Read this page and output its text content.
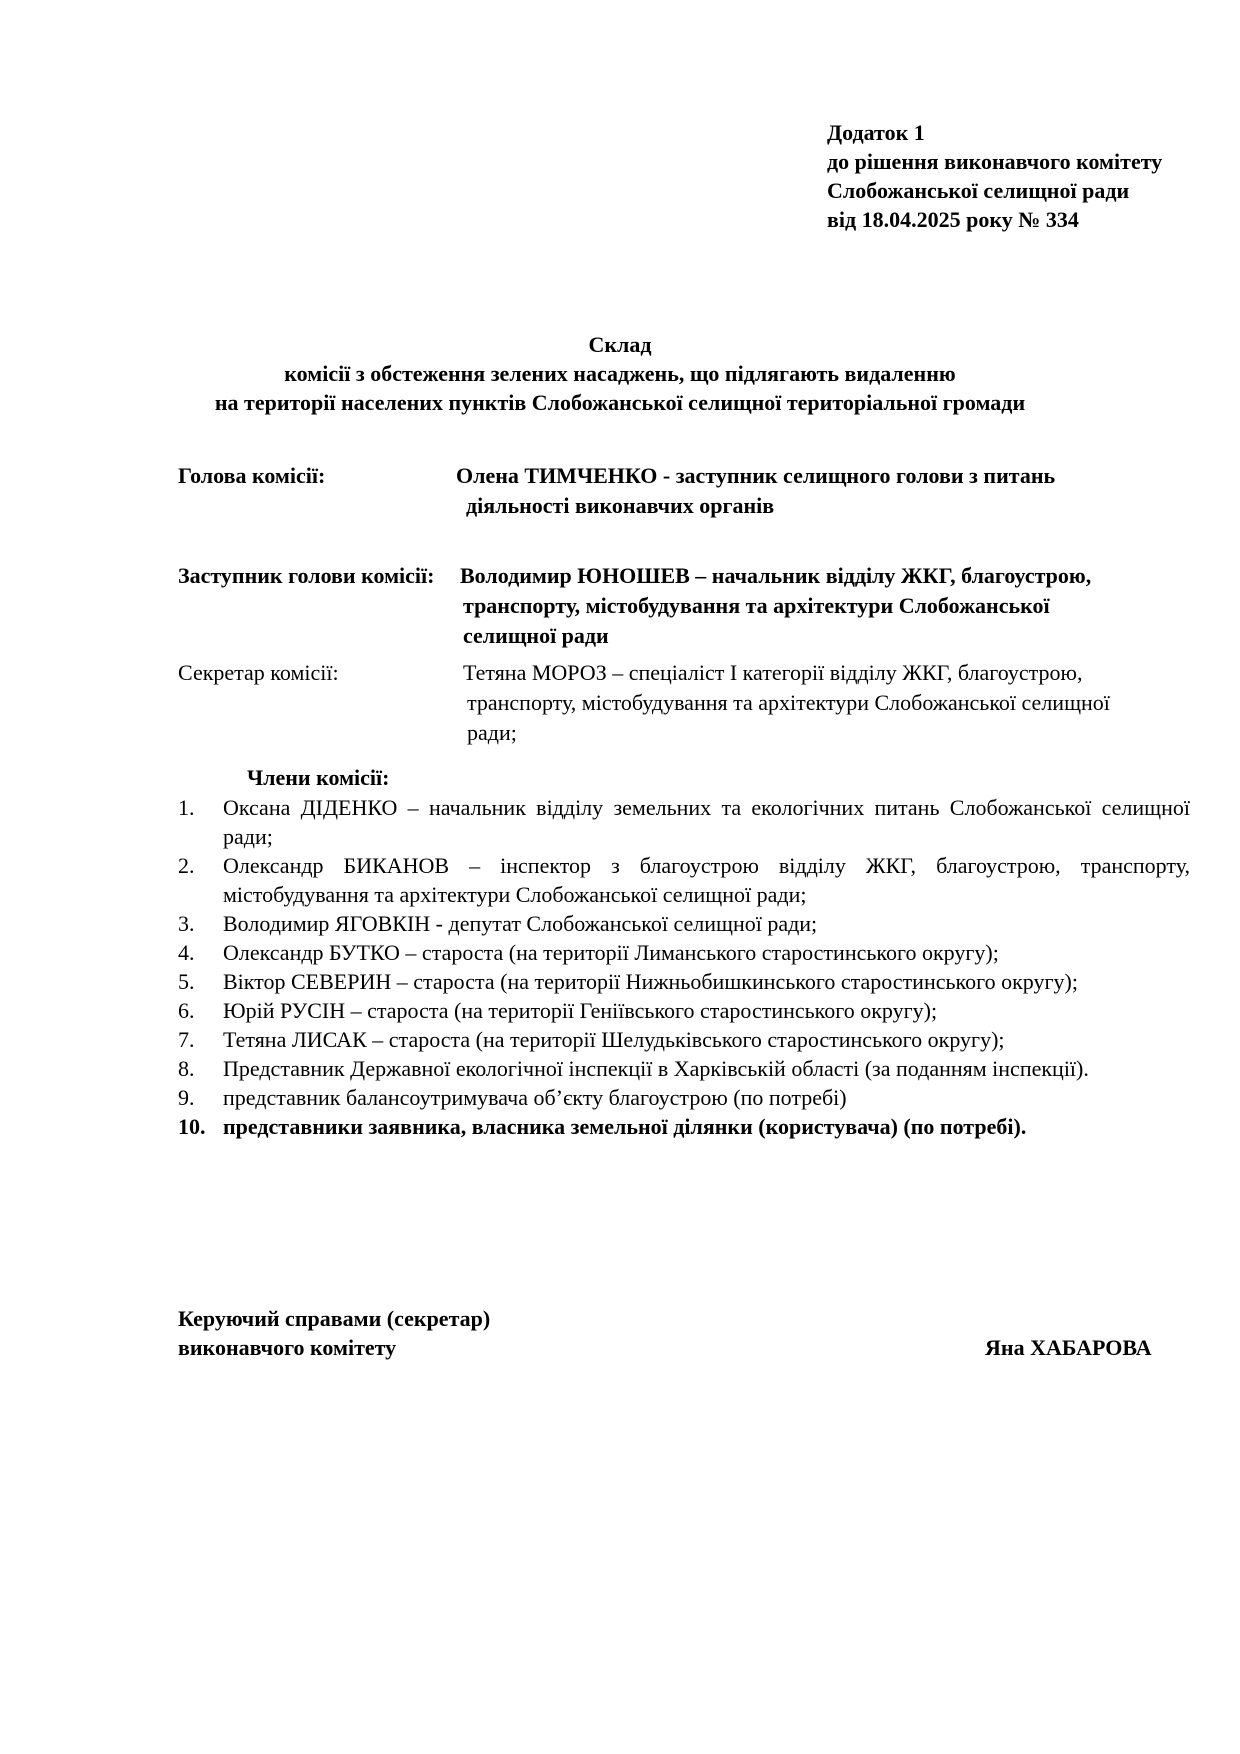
Додаток 1
до рішення виконавчого комітету
Слобожанської селищної ради
від 18.04.2025 року № 334
Склад
комісії з обстеження зелених насаджень, що підлягають видаленню
на території населених пунктів Слобожанської селищної територіальної громади
Голова комісії:	Олена ТИМЧЕНКО - заступник селищного голови з питань
діяльності виконавчих органів
Заступник голови комісії: Володимир ЮНОШЕВ – начальник відділу ЖКГ, благоустрою,
транспорту, містобудування та архітектури Слобожанської
селищної ради
Секретар комісії:	Тетяна МОРОЗ – спеціаліст І категорії відділу ЖКГ, благоустрою,
транспорту, містобудування та архітектури Слобожанської селищної
ради;
Члени комісії:
1. Оксана ДІДЕНКО – начальник відділу земельних та екологічних питань Слобожанської селищної ради;
2. Олександр БИКАНОВ – інспектор з благоустрою відділу ЖКГ, благоустрою, транспорту, містобудування та архітектури Слобожанської селищної ради;
3. Володимир ЯГОВКІН - депутат Слобожанської селищної ради;
4. Олександр БУТКО – староста (на території Лиманського старостинського округу);
5. Віктор СЕВЕРИН – староста (на території Нижньобишкинського старостинського округу);
6. Юрій РУСІН – староста (на території Геніївського старостинського округу);
7. Тетяна ЛИСАК – староста (на території Шелудьківського старостинського округу);
8. Представник Державної екологічної інспекції в Харківській області (за поданням інспекції).
9. представник балансоутримувача об’єкту благоустрою (по потребі)
10. представники заявника, власника земельної ділянки (користувача) (по потребі).
Керуючий справами (секретар)
виконавчого комітету	Яна ХАБАРОВА
